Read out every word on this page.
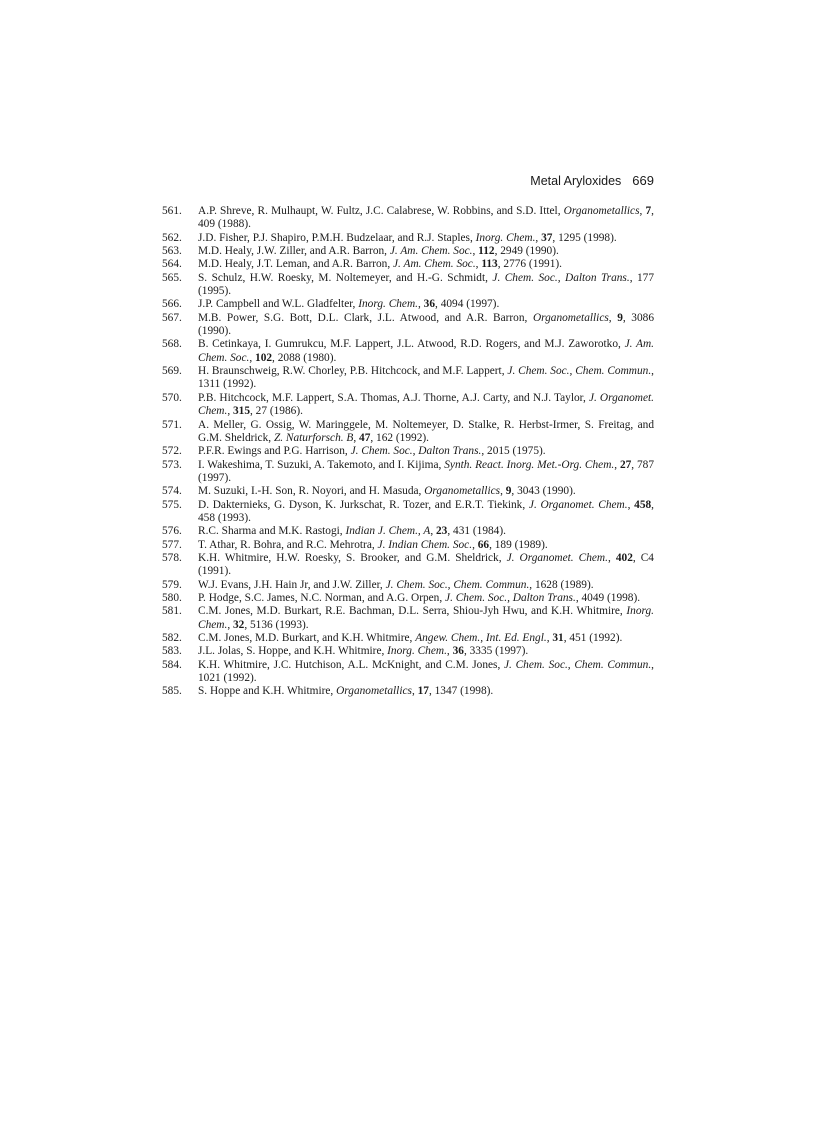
Metal Aryloxides 669
561.	A.P. Shreve, R. Mulhaupt, W. Fultz, J.C. Calabrese, W. Robbins, and S.D. Ittel, Organometallics, 7, 409 (1988).
562.	J.D. Fisher, P.J. Shapiro, P.M.H. Budzelaar, and R.J. Staples, Inorg. Chem., 37, 1295 (1998).
563.	M.D. Healy, J.W. Ziller, and A.R. Barron, J. Am. Chem. Soc., 112, 2949 (1990).
564.	M.D. Healy, J.T. Leman, and A.R. Barron, J. Am. Chem. Soc., 113, 2776 (1991).
565.	S. Schulz, H.W. Roesky, M. Noltemeyer, and H.-G. Schmidt, J. Chem. Soc., Dalton Trans., 177 (1995).
566.	J.P. Campbell and W.L. Gladfelter, Inorg. Chem., 36, 4094 (1997).
567.	M.B. Power, S.G. Bott, D.L. Clark, J.L. Atwood, and A.R. Barron, Organometallics, 9, 3086 (1990).
568.	B. Cetinkaya, I. Gumrukcu, M.F. Lappert, J.L. Atwood, R.D. Rogers, and M.J. Zaworotko, J. Am. Chem. Soc., 102, 2088 (1980).
569.	H. Braunschweig, R.W. Chorley, P.B. Hitchcock, and M.F. Lappert, J. Chem. Soc., Chem. Commun., 1311 (1992).
570.	P.B. Hitchcock, M.F. Lappert, S.A. Thomas, A.J. Thorne, A.J. Carty, and N.J. Taylor, J. Organomet. Chem., 315, 27 (1986).
571.	A. Meller, G. Ossig, W. Maringgele, M. Noltemeyer, D. Stalke, R. Herbst-Irmer, S. Freitag, and G.M. Sheldrick, Z. Naturforsch. B, 47, 162 (1992).
572.	P.F.R. Ewings and P.G. Harrison, J. Chem. Soc., Dalton Trans., 2015 (1975).
573.	I. Wakeshima, T. Suzuki, A. Takemoto, and I. Kijima, Synth. React. Inorg. Met.-Org. Chem., 27, 787 (1997).
574.	M. Suzuki, I.-H. Son, R. Noyori, and H. Masuda, Organometallics, 9, 3043 (1990).
575.	D. Dakternieks, G. Dyson, K. Jurkschat, R. Tozer, and E.R.T. Tiekink, J. Organomet. Chem., 458, 458 (1993).
576.	R.C. Sharma and M.K. Rastogi, Indian J. Chem., A, 23, 431 (1984).
577.	T. Athar, R. Bohra, and R.C. Mehrotra, J. Indian Chem. Soc., 66, 189 (1989).
578.	K.H. Whitmire, H.W. Roesky, S. Brooker, and G.M. Sheldrick, J. Organomet. Chem., 402, C4 (1991).
579.	W.J. Evans, J.H. Hain Jr, and J.W. Ziller, J. Chem. Soc., Chem. Commun., 1628 (1989).
580.	P. Hodge, S.C. James, N.C. Norman, and A.G. Orpen, J. Chem. Soc., Dalton Trans., 4049 (1998).
581.	C.M. Jones, M.D. Burkart, R.E. Bachman, D.L. Serra, Shiou-Jyh Hwu, and K.H. Whitmire, Inorg. Chem., 32, 5136 (1993).
582.	C.M. Jones, M.D. Burkart, and K.H. Whitmire, Angew. Chem., Int. Ed. Engl., 31, 451 (1992).
583.	J.L. Jolas, S. Hoppe, and K.H. Whitmire, Inorg. Chem., 36, 3335 (1997).
584.	K.H. Whitmire, J.C. Hutchison, A.L. McKnight, and C.M. Jones, J. Chem. Soc., Chem. Commun., 1021 (1992).
585.	S. Hoppe and K.H. Whitmire, Organometallics, 17, 1347 (1998).
